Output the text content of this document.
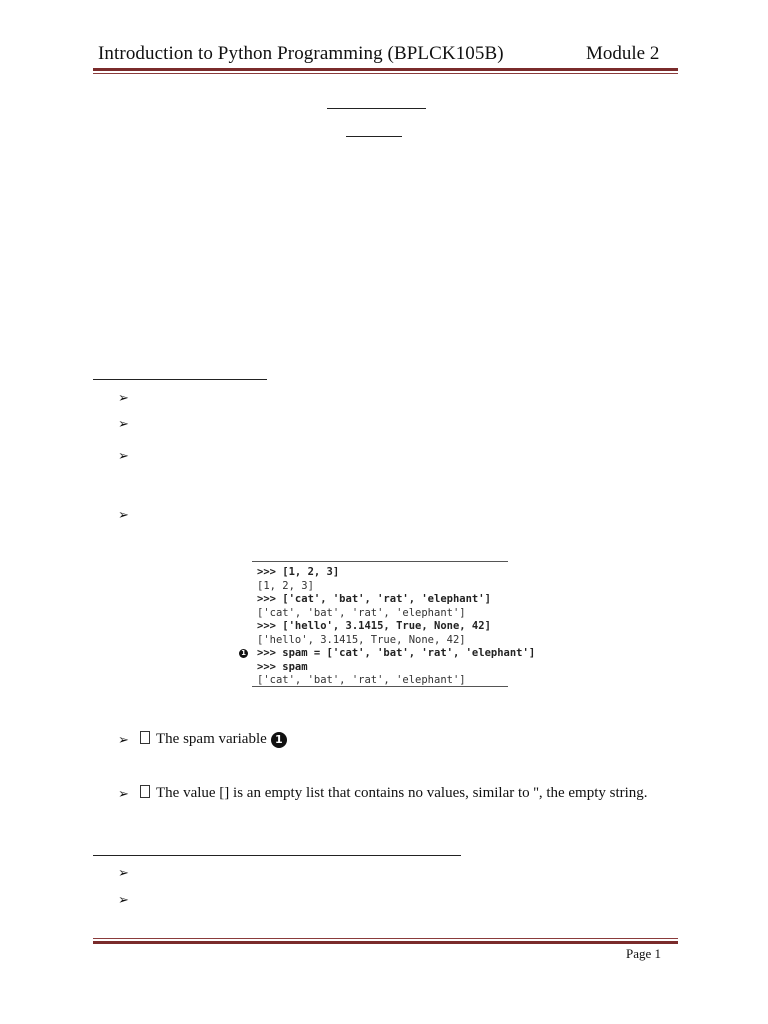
Introduction to Python Programming (BPLCK105B)	Module 2
➢
➢
➢
➢
>>> [1, 2, 3]
[1, 2, 3]
>>> ['cat', 'bat', 'rat', 'elephant']
['cat', 'bat', 'rat', 'elephant']
>>> ['hello', 3.1415, True, None, 42]
['hello', 3.1415, True, None, 42]
1 >>> spam = ['cat', 'bat', 'rat', 'elephant']
>>> spam
['cat', 'bat', 'rat', 'elephant']
➢	The spam variable 1
➢	The value [] is an empty list that contains no values, similar to '', the empty string.
➢
➢
Page 1
